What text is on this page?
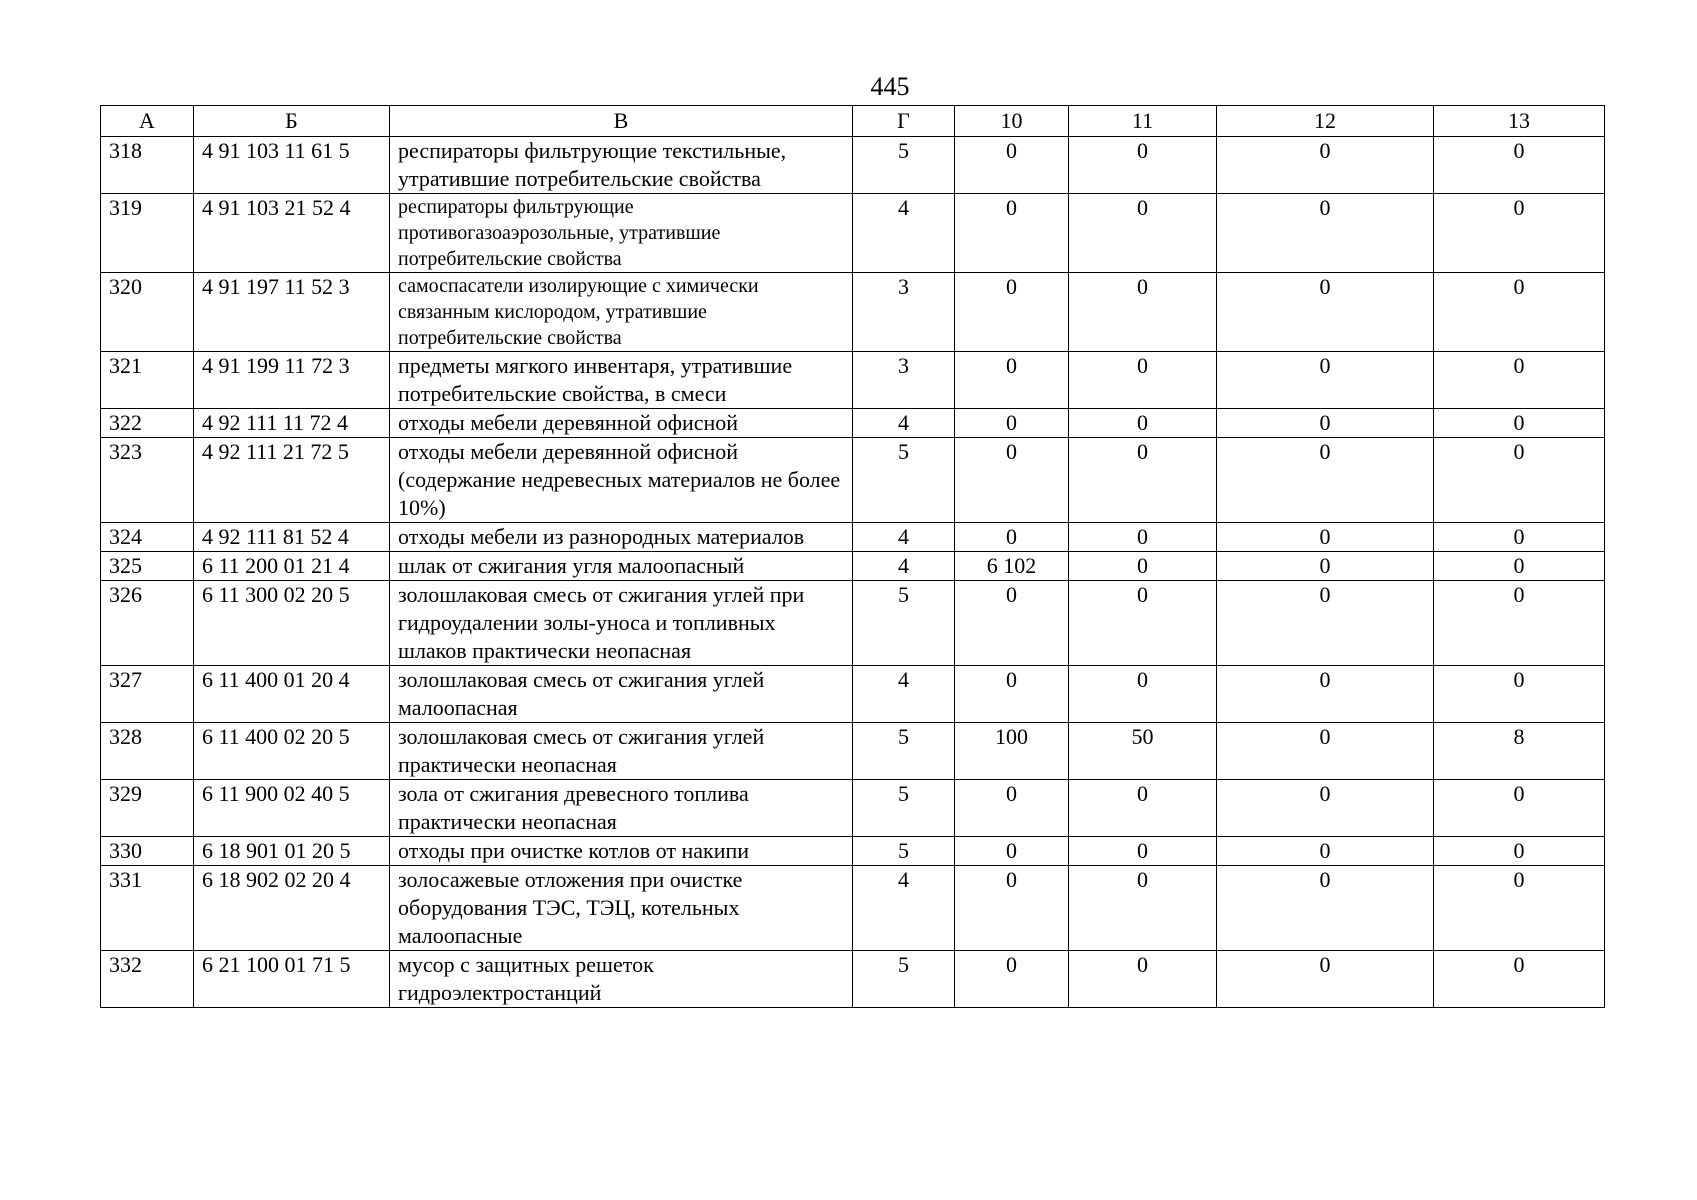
445
А	Б	В	Г	10	11	12	13
318	4 91 103 11 61 5	респираторы фильтрующие текстильные, утратившие потребительские свойства	5	0	0	0	0
319	4 91 103 21 52 4	респираторы фильтрующие противогазоаэрозольные, утратившие потребительские свойства	4	0	0	0	0
320	4 91 197 11 52 3	самоспасатели изолирующие с химически связанным кислородом, утратившие потребительские свойства	3	0	0	0	0
321	4 91 199 11 72 3	предметы мягкого инвентаря, утратившие потребительские свойства, в смеси	3	0	0	0	0
322	4 92 111 11 72 4	отходы мебели деревянной офисной	4	0	0	0	0
323	4 92 111 21 72 5	отходы мебели деревянной офисной (содержание недревесных материалов не более 10%)	5	0	0	0	0
324	4 92 111 81 52 4	отходы мебели из разнородных материалов	4	0	0	0	0
325	6 11 200 01 21 4	шлак от сжигания угля малоопасный	4	6 102	0	0	0
326	6 11 300 02 20 5	золошлаковая смесь от сжигания углей при гидроудалении золы-уноса и топливных шлаков практически неопасная	5	0	0	0	0
327	6 11 400 01 20 4	золошлаковая смесь от сжигания углей малоопасная	4	0	0	0	0
328	6 11 400 02 20 5	золошлаковая смесь от сжигания углей практически неопасная	5	100	50	0	8
329	6 11 900 02 40 5	зола от сжигания древесного топлива практически неопасная	5	0	0	0	0
330	6 18 901 01 20 5	отходы при очистке котлов от накипи	5	0	0	0	0
331	6 18 902 02 20 4	золосажевые отложения при очистке оборудования ТЭС, ТЭЦ, котельных малоопасные	4	0	0	0	0
332	6 21 100 01 71 5	мусор с защитных решеток гидроэлектростанций	5	0	0	0	0
